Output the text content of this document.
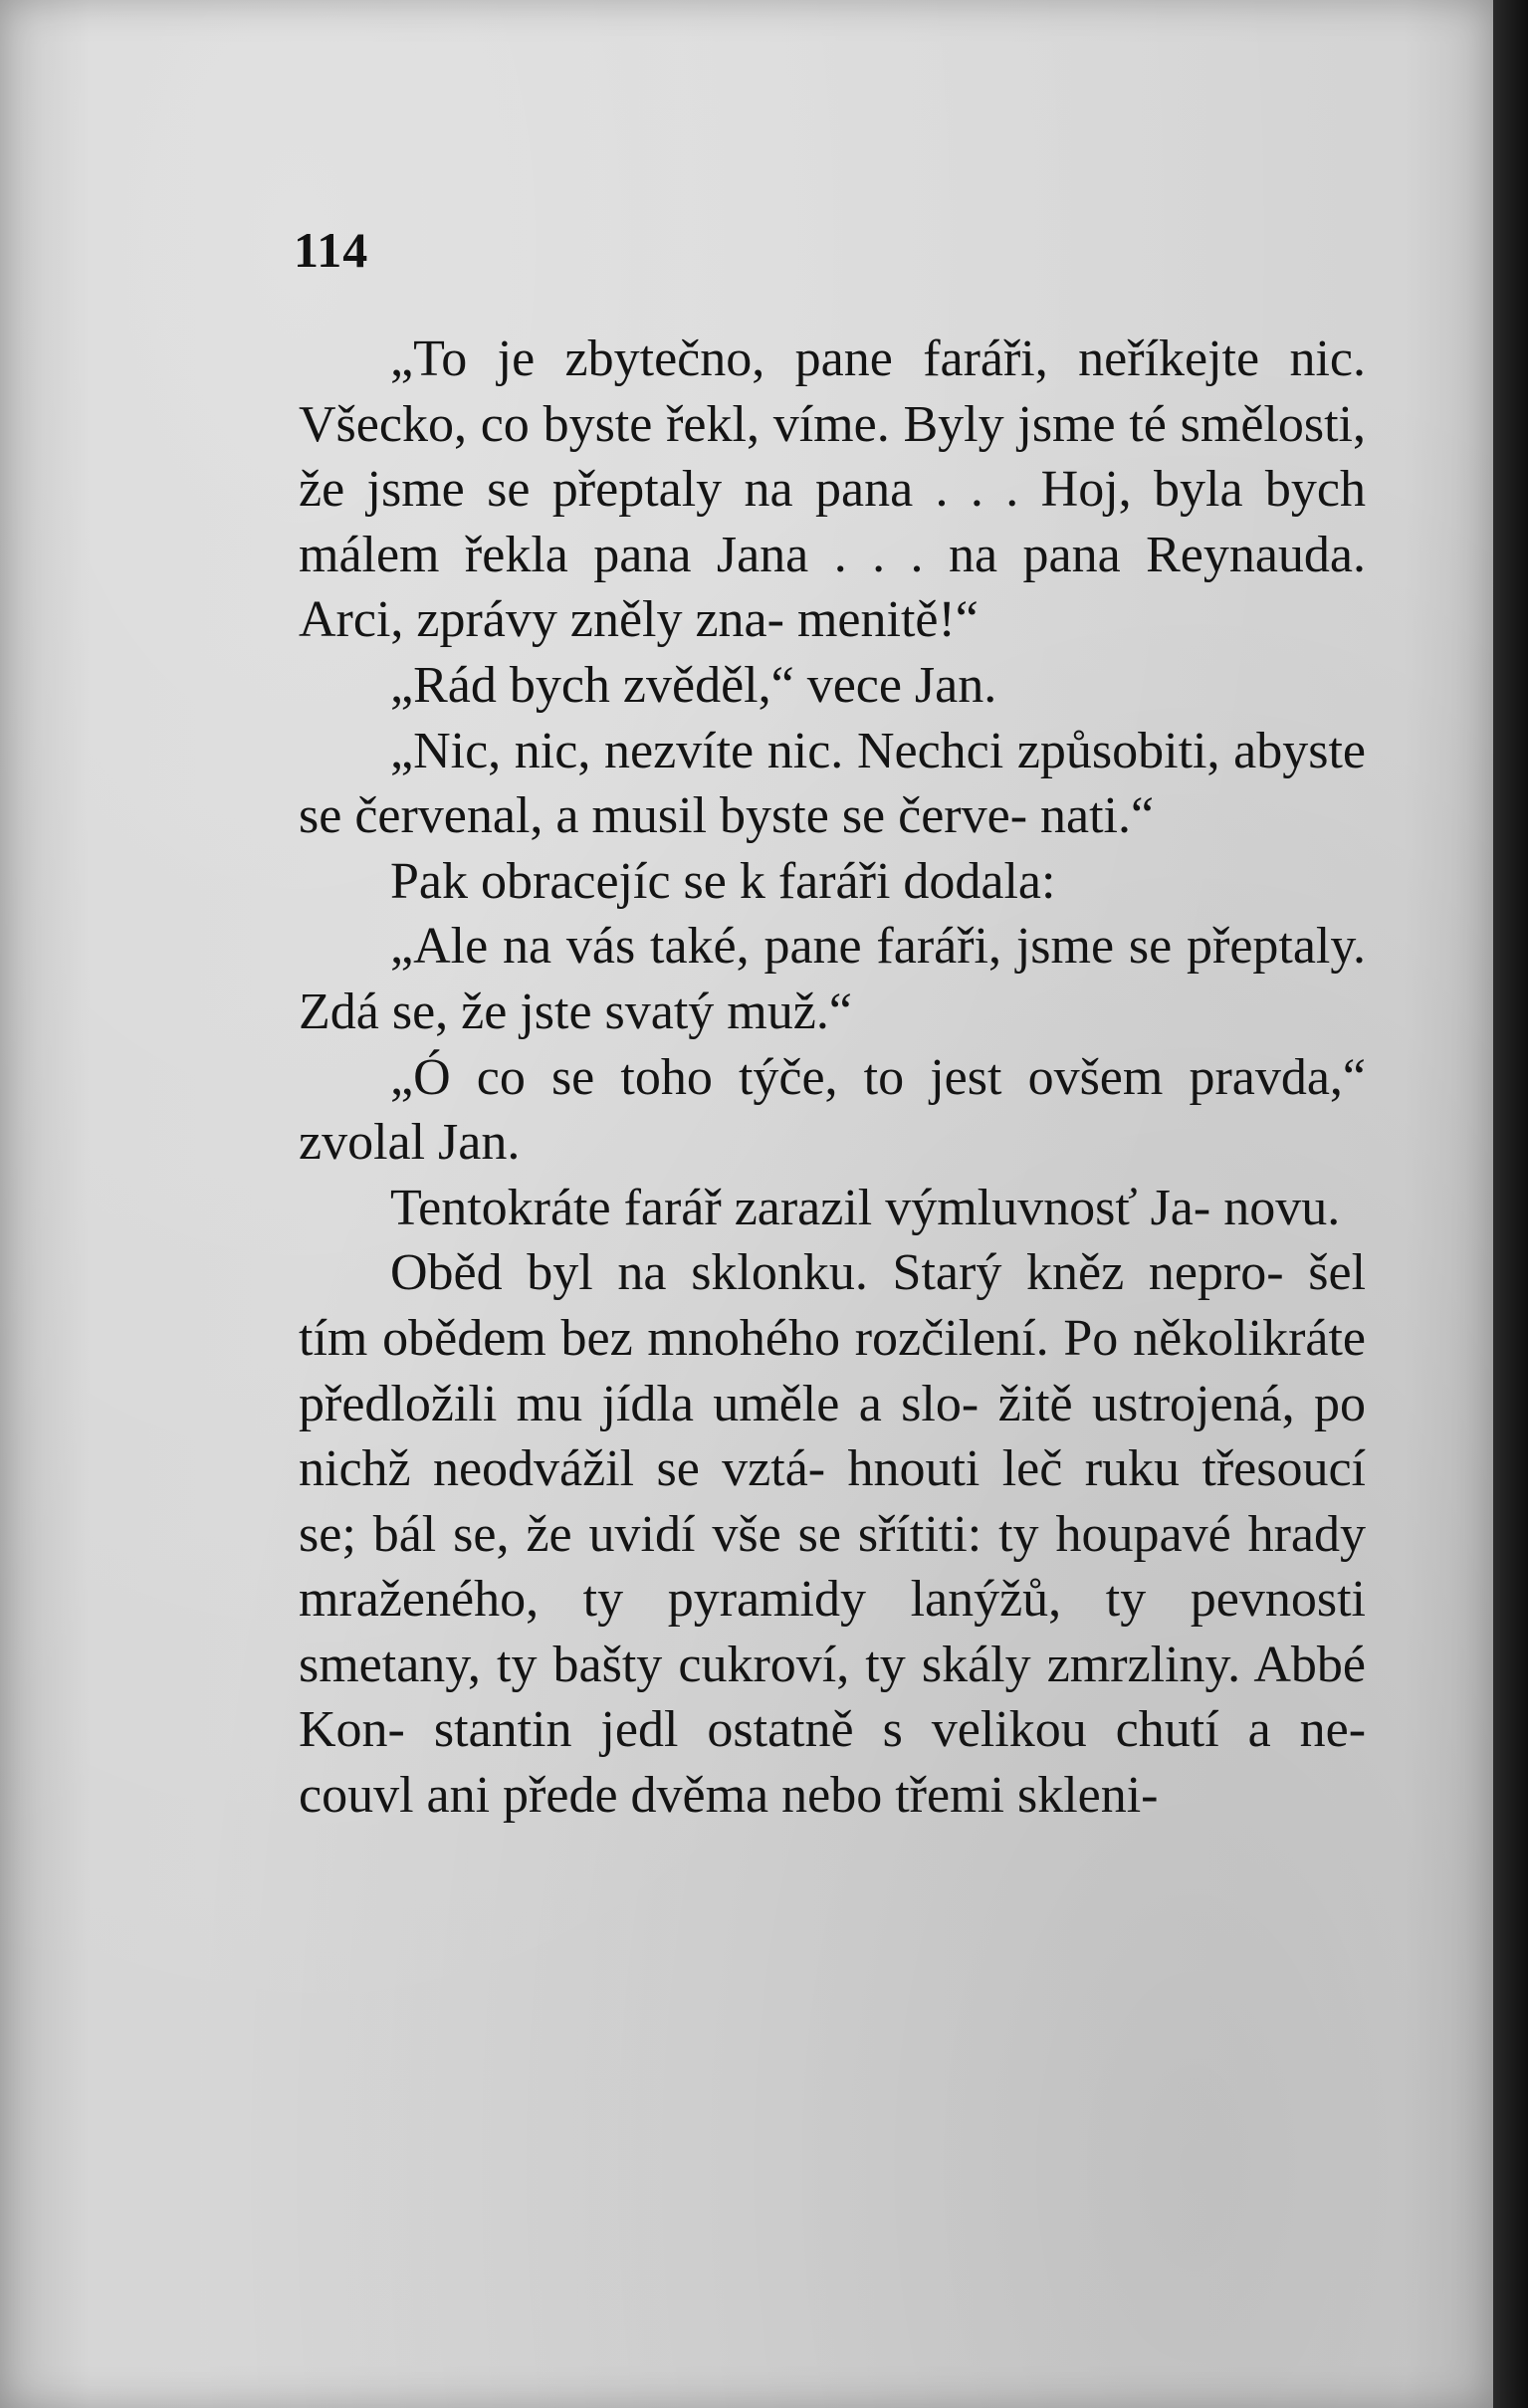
114

„To je zbytečno, pane faráři, neříkejte nic. Všecko, co byste řekl, víme. Byly jsme té smělosti, že jsme se přeptaly na pana . . . Hoj, byla bych málem řekla pana Jana . . . na pana Reynauda. Arci, zprávy zněly zna- menitě!“

„Rád bych zvěděl,“ vece Jan.

„Nic, nic, nezvíte nic. Nechci způsobiti, abyste se červenal, a musil byste se červe- nati.“

Pak obracejíc se k faráři dodala:

„Ale na vás také, pane faráři, jsme se přeptaly. Zdá se, že jste svatý muž.“

„Ó co se toho týče, to jest ovšem pravda,“ zvolal Jan.

Tentokráte farář zarazil výmluvnosť Ja- novu.

Oběd byl na sklonku. Starý kněz nepro- šel tím obědem bez mnohého rozčilení. Po několikráte předložili mu jídla uměle a slo- žitě ustrojená, po nichž neodvážil se vztá- hnouti leč ruku třesoucí se; bál se, že uvidí vše se sřítiti: ty houpavé hrady mraženého, ty pyramidy lanýžů, ty pevnosti smetany, ty bašty cukroví, ty skály zmrzliny. Abbé Kon- stantin jedl ostatně s velikou chutí a ne- couvl ani přede dvěma nebo třemi skleni-
